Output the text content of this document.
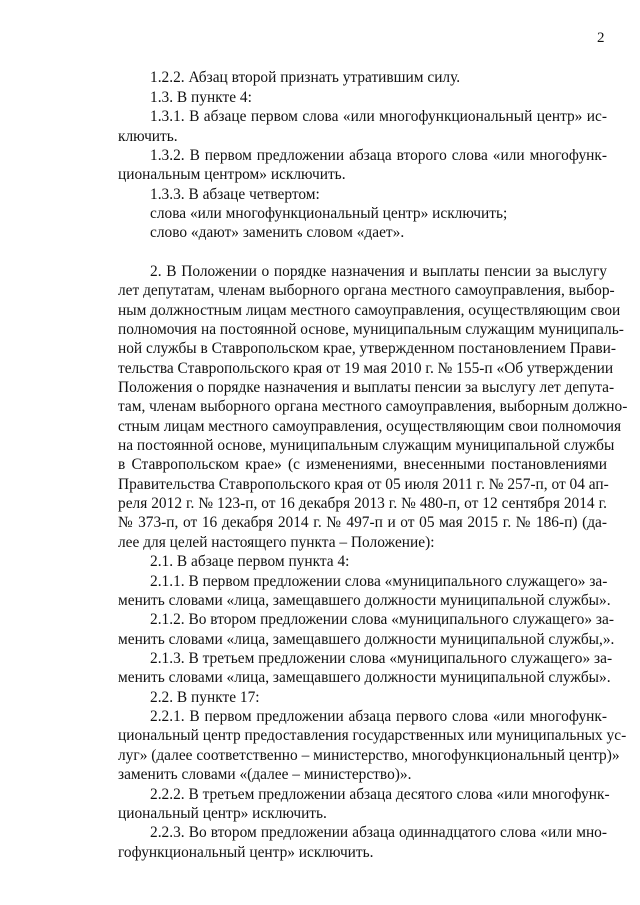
2
1.2.2. Абзац второй признать утратившим силу.
1.3. В пункте 4:
1.3.1. В абзаце первом слова «или многофункциональный центр» ис-
ключить.
1.3.2. В первом предложении абзаца второго слова «или многофунк-
циональным центром» исключить.
1.3.3. В абзаце четвертом:
слова «или многофункциональный центр» исключить;
слово «дают» заменить словом «дает».
2. В Положении о порядке назначения и выплаты пенсии за выслугу
лет депутатам, членам выборного органа местного самоуправления, выбор-
ным должностным лицам местного самоуправления, осуществляющим свои
полномочия на постоянной основе, муниципальным служащим муниципаль-
ной службы в Ставропольском крае, утвержденном постановлением Прави-
тельства Ставропольского края от 19 мая 2010 г. № 155-п «Об утверждении
Положения о порядке назначения и выплаты пенсии за выслугу лет депута-
там, членам выборного органа местного самоуправления, выборным должно-
стным лицам местного самоуправления, осуществляющим свои полномочия
на постоянной основе, муниципальным служащим муниципальной службы
в Ставропольском крае» (с изменениями, внесенными постановлениями
Правительства Ставропольского края от 05 июля 2011 г. № 257-п, от 04 ап-
реля 2012 г. № 123-п, от 16 декабря 2013 г. № 480-п, от 12 сентября 2014 г.
№ 373-п, от 16 декабря 2014 г. № 497-п и от 05 мая 2015 г. № 186-п) (да-
лее для целей настоящего пункта – Положение):
2.1. В абзаце первом пункта 4:
2.1.1. В первом предложении слова «муниципального служащего» за-
менить словами «лица, замещавшего должности муниципальной службы».
2.1.2. Во втором предложении слова «муниципального служащего» за-
менить словами «лица, замещавшего должности муниципальной службы,».
2.1.3. В третьем предложении слова «муниципального служащего» за-
менить словами «лица, замещавшего должности муниципальной службы».
2.2. В пункте 17:
2.2.1. В первом предложении абзаца первого слова «или многофунк-
циональный центр предоставления государственных или муниципальных ус-
луг» (далее соответственно – министерство, многофункциональный центр)»
заменить словами «(далее – министерство)».
2.2.2. В третьем предложении абзаца десятого слова «или многофунк-
циональный центр» исключить.
2.2.3. Во втором предложении абзаца одиннадцатого слова «или мно-
гофункциональный центр» исключить.
